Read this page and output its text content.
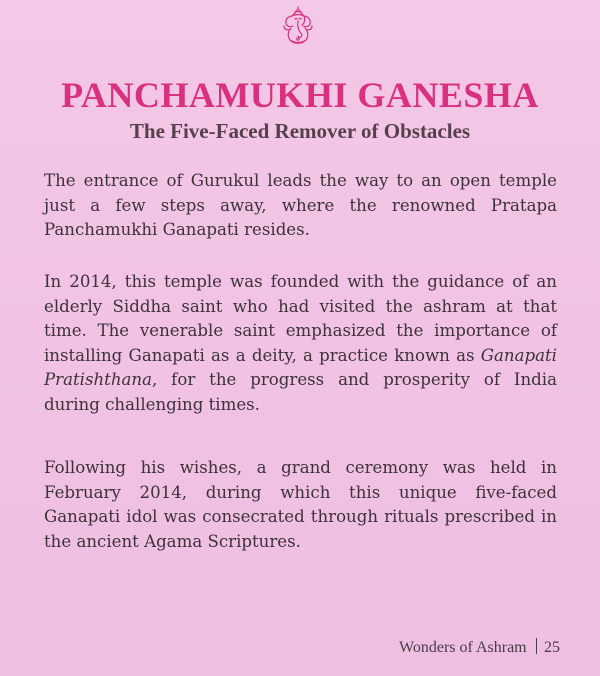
PANCHAMUKHI GANESHA
The Five-Faced Remover of Obstacles

The entrance of Gurukul leads the way to an open temple just a few steps away, where the renowned Pratapa Panchamukhi Ganapati resides.

In 2014, this temple was founded with the guidance of an elderly Siddha saint who had visited the ashram at that time. The venerable saint emphasized the importance of installing Ganapati as a deity, a practice known as Ganapati Pratishthana, for the progress and prosperity of India during challenging times.

Following his wishes, a grand ceremony was held in February 2014, during which this unique five-faced Ganapati idol was consecrated through rituals prescribed in the ancient Agama Scriptures.

Wonders of Ashram 25
